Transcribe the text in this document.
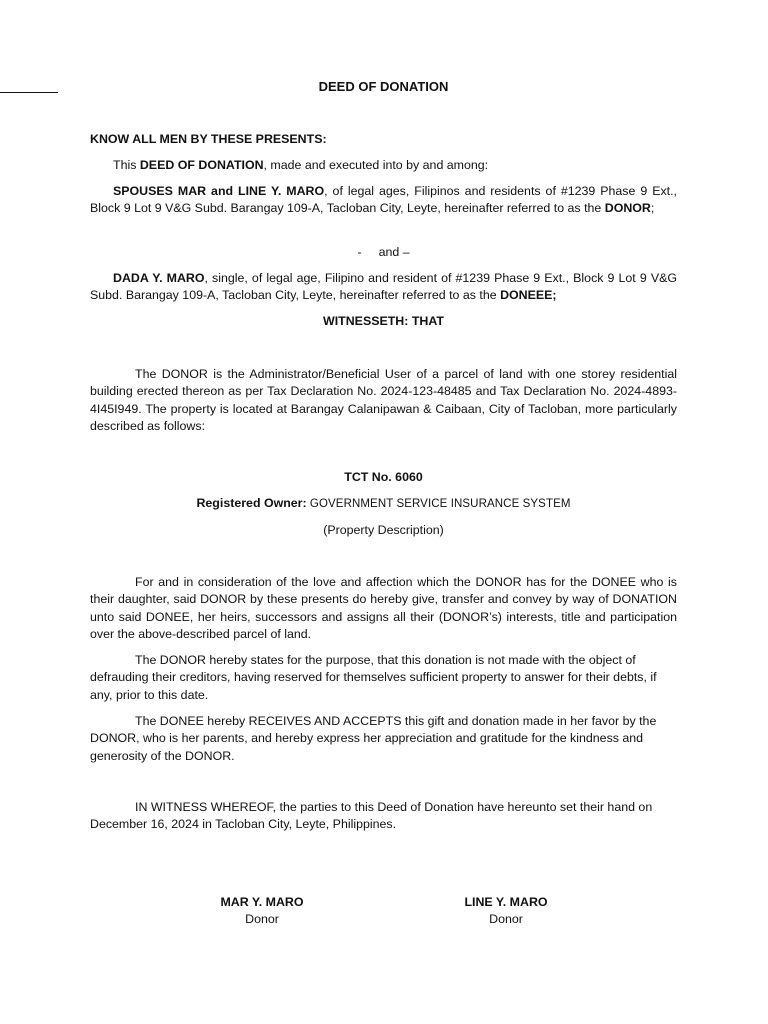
DEED OF DONATION

KNOW ALL MEN BY THESE PRESENTS:

This DEED OF DONATION, made and executed into by and among:

SPOUSES MAR and LINE Y. MARO, of legal ages, Filipinos and residents of #1239 Phase 9 Ext., Block 9 Lot 9 V&G Subd. Barangay 109-A, Tacloban City, Leyte, hereinafter referred to as the DONOR;

-     and –

DADA Y. MARO, single, of legal age, Filipino and resident of #1239 Phase 9 Ext., Block 9 Lot 9 V&G Subd. Barangay 109-A, Tacloban City, Leyte, hereinafter referred to as the DONEEE;

WITNESSETH: THAT

The DONOR is the Administrator/Beneficial User of a parcel of land with one storey residential building erected thereon as per Tax Declaration No. 2024-123-48485 and Tax Declaration No. 2024-4893-4I45I949. The property is located at Barangay Calanipawan & Caibaan, City of Tacloban, more particularly described as follows:

TCT No. 6060

Registered Owner: GOVERNMENT SERVICE INSURANCE SYSTEM

(Property Description)

For and in consideration of the love and affection which the DONOR has for the DONEE who is their daughter, said DONOR by these presents do hereby give, transfer and convey by way of DONATION unto said DONEE, her heirs, successors and assigns all their (DONOR’s) interests, title and participation over the above-described parcel of land.

The DONOR hereby states for the purpose, that this donation is not made with the object of defrauding their creditors, having reserved for themselves sufficient property to answer for their debts, if any, prior to this date.

The DONEE hereby RECEIVES AND ACCEPTS this gift and donation made in her favor by the DONOR, who is her parents, and hereby express her appreciation and gratitude for the kindness and generosity of the DONOR.

IN WITNESS WHEREOF, the parties to this Deed of Donation have hereunto set their hand on December 16, 2024 in Tacloban City, Leyte, Philippines.

MAR Y. MARO
Donor
LINE Y. MARO
Donor
